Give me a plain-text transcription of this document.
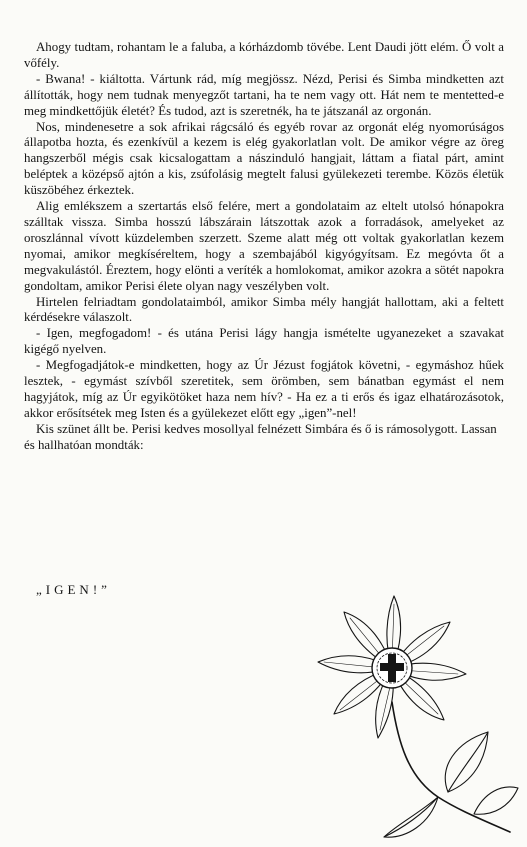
Ahogy tudtam, rohantam le a faluba, a kórházdomb tövébe. Lent Daudi jött elém. Ő volt a vőfély.

- Bwana! - kiáltotta. Vártunk rád, míg megjössz. Nézd, Perisi és Simba mindketten azt állították, hogy nem tudnak menyegzőt tartani, ha te nem vagy ott. Hát nem te mentetted-e meg mindkettőjük életét? És tudod, azt is szeretnék, ha te játszanál az orgonán.

Nos, mindenesetre a sok afrikai rágcsáló és egyéb rovar az orgonát elég nyomorúságos állapotba hozta, és ezenkívül a kezem is elég gyakorlatlan volt. De amikor végre az öreg hangszerből mégis csak kicsalogattam a nászinduló hangjait, láttam a fiatal párt, amint beléptek a középső ajtón a kis, zsúfolásig megtelt falusi gyülekezeti terembe. Közös életük küszöbéhez érkeztek.

Alig emlékszem a szertartás első felére, mert a gondolataim az eltelt utolsó hónapokra szálltak vissza. Simba hosszú lábszárain látszottak azok a forradások, amelyeket az oroszlánnal vívott küzdelemben szerzett. Szeme alatt még ott voltak gyakorlatlan kezem nyomai, amikor megkíséreltem, hogy a szembajából kigyógyítsam. Ez megóvta őt a megvakulástól. Éreztem, hogy elönti a veríték a homlokomat, amikor azokra a sötét napokra gondoltam, amikor Perisi élete olyan nagy veszélyben volt.

Hirtelen felriadtam gondolataimból, amikor Simba mély hangját hallottam, aki a feltett kérdésekre válaszolt.

- Igen, megfogadom! - és utána Perisi lágy hangja ismételte ugyanezeket a szavakat kigégő nyelven.

- Megfogadjátok-e mindketten, hogy az Úr Jézust fogjátok követni, - egymáshoz hűek lesztek, - egymást szívből szeretitek, sem örömben, sem bánatban egymást el nem hagyjátok, míg az Úr egyikötöket haza nem hív? - Ha ez a ti erős és igaz elhatározásotok, akkor erősítsétek meg Isten és a gyülekezet előtt egy „igen”-nel!

Kis szünet állt be. Perisi kedves mosollyal felnézett Simbára és ő is rámosolygott. Lassan és hallhatóan mondták:

„IGEN!”
